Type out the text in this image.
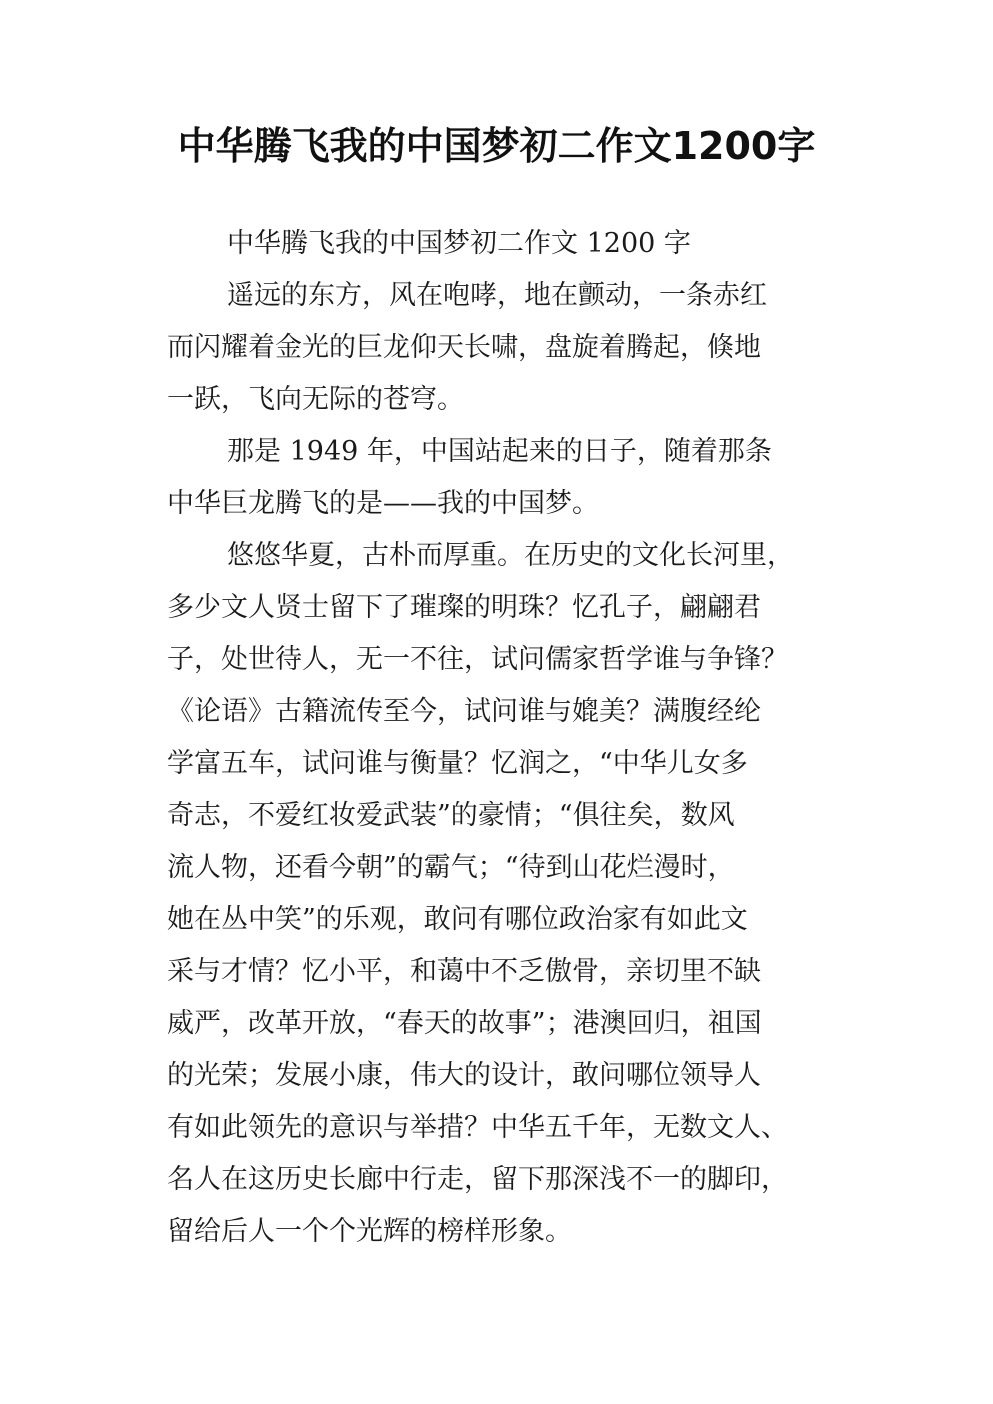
中华腾飞我的中国梦初二作文1200字
中华腾飞我的中国梦初二作文 1200 字
遥远的东方，风在咆哮，地在颤动，一条赤红
而闪耀着金光的巨龙仰天长啸，盘旋着腾起，倏地
一跃，飞向无际的苍穹。
那是 1949 年，中国站起来的日子，随着那条
中华巨龙腾飞的是——我的中国梦。
悠悠华夏，古朴而厚重。在历史的文化长河里，
多少文人贤士留下了璀璨的明珠？忆孔子，翩翩君
子，处世待人，无一不往，试问儒家哲学谁与争锋？
《论语》古籍流传至今，试问谁与媲美？满腹经纶
学富五车，试问谁与衡量？忆润之，“中华儿女多
奇志，不爱红妆爱武装”的豪情；“俱往矣，数风
流人物，还看今朝”的霸气；“待到山花烂漫时，
她在丛中笑”的乐观，敢问有哪位政治家有如此文
采与才情？忆小平，和蔼中不乏傲骨，亲切里不缺
威严，改革开放，“春天的故事”；港澳回归，祖国
的光荣；发展小康，伟大的设计，敢问哪位领导人
有如此领先的意识与举措？中华五千年，无数文人、
名人在这历史长廊中行走，留下那深浅不一的脚印，
留给后人一个个光辉的榜样形象。
